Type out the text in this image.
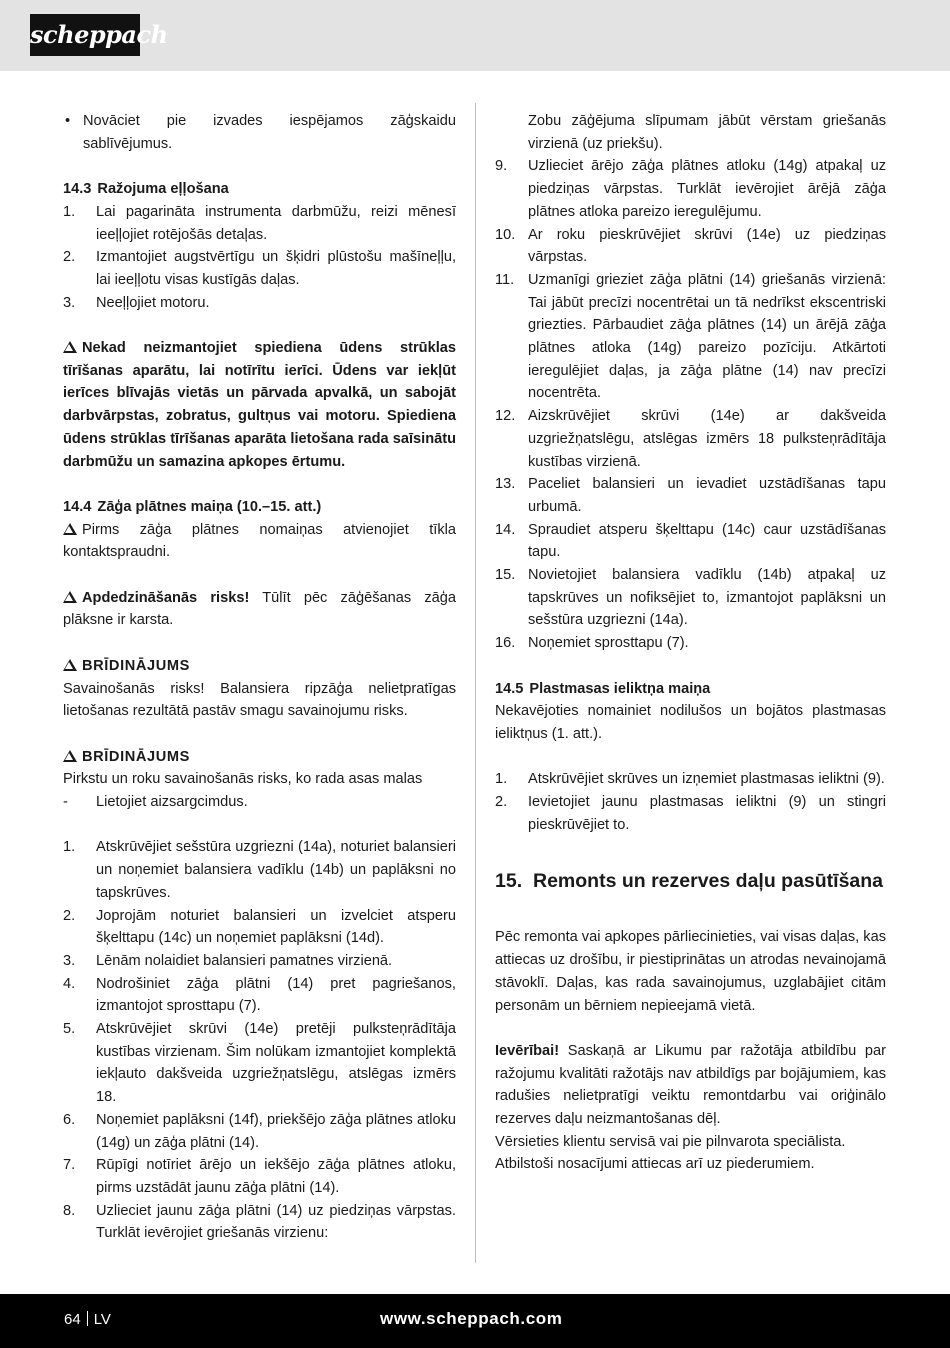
scheppach
• Novāciet pie izvades iespējamos zāģskaidu sablīvējumus.
14.3 Ražojuma eļļošana
1. Lai pagarināta instrumenta darbmūžu, reizi mēnesī ieeļļojiet rotējošās detaļas.
2. Izmantojiet augstvērtīgu un šķidri plūstošu mašīneļļu, lai ieeļļotu visas kustīgās daļas.
3. Neeļļojiet motoru.

Nekad neizmantojiet spiediena ūdens strūklas tīrīšanas aparātu, lai notīrītu ierīci. Ūdens var iekļūt ierīces blīvajās vietās un pārvada apvalkā, un sabojāt darbvārpstas, zobratus, gultņus vai motoru. Spiediena ūdens strūklas tīrīšanas aparāta lietošana rada saīsinātu darbmūžu un samazina apkopes ērtumu.

14.4 Zāģa plātnes maiņa (10.–15. att.)

Pirms zāģa plātnes nomaiņas atvienojiet tīkla kontaktspraudni.

Apdedzināšanās risks! Tūlīt pēc zāģēšanas zāģa plāksne ir karsta.

BRĪDINĀJUMS

Savainošanās risks! Balansiera ripzāģa nelietpratīgas lietošanas rezultātā pastāv smagu savainojumu risks.

BRĪDINĀJUMS

Pirkstu un roku savainošanās risks, ko rada asas malas

- Lietojiet aizsargcimdus.
1. Atskrūvējiet sešstūra uzgriezni (14a), noturiet balansieri un noņemiet balansiera vadīklu (14b) un paplāksni no tapskrūves.
2. Joprojām noturiet balansieri un izvelciet atsperu šķelttapu (14c) un noņemiet paplāksni (14d).
3. Lēnām nolaidiet balansieri pamatnes virzienā.
4. Nodrošiniet zāģa plātni (14) pret pagriešanos, izmantojot sprosttapu (7).
5. Atskrūvējiet skrūvi (14e) pretēji pulksteņrādītāja kustības virzienam. Šim nolūkam izmantojiet komplektā iekļauto dakšveida uzgriežņatslēgu, atslēgas izmērs 18.
6. Noņemiet paplāksni (14f), priekšējo zāģa plātnes atloku (14g) un zāģa plātni (14).
7. Rūpīgi notīriet ārējo un iekšējo zāģa plātnes atloku, pirms uzstādāt jaunu zāģa plātni (14).
8. Uzlieciet jaunu zāģa plātni (14) uz piedziņas vārpstas. Turklāt ievērojiet griešanās virzienu:
Zobu zāģējuma slīpumam jābūt vērstam griešanās virzienā (uz priekšu).
9. Uzlieciet ārējo zāģa plātnes atloku (14g) atpakaļ uz piedziņas vārpstas. Turklāt ievērojiet ārējā zāģa plātnes atloka pareizo ieregulējumu.
10. Ar roku pieskrūvējiet skrūvi (14e) uz piedziņas vārpstas.
11. Uzmanīgi grieziet zāģa plātni (14) griešanās virzienā: Tai jābūt precīzi nocentrētai un tā nedrīkst ekscentriski griezties. Pārbaudiet zāģa plātnes (14) un ārējā zāģa plātnes atloka (14g) pareizo pozīciju. Atkārtoti ieregulējiet daļas, ja zāģa plātne (14) nav precīzi nocentrēta.
12. Aizskrūvējiet skrūvi (14e) ar dakšveida uzgriežņatslēgu, atslēgas izmērs 18 pulksteņrādītāja kustības virzienā.
13. Paceliet balansieri un ievadiet uzstādīšanas tapu urbumā.
14. Spraudiet atsperu šķelttapu (14c) caur uzstādīšanas tapu.
15. Novietojiet balansiera vadīklu (14b) atpakaļ uz tapskrūves un nofiksējiet to, izmantojot paplāksni un sešstūra uzgriezni (14a).
16. Noņemiet sprosttapu (7).
14.5 Plastmasas ieliktņa maiņa

Nekavējoties nomainiet nodilušos un bojātos plastmasas ieliktņus (1. att.).

1. Atskrūvējiet skrūves un izņemiet plastmasas ieliktni (9).
2. Ievietojiet jaunu plastmasas ieliktni (9) un stingri pieskrūvējiet to.
15. Remonts un rezerves daļu pasūtīšana

Pēc remonta vai apkopes pārliecinieties, vai visas daļas, kas attiecas uz drošību, ir piestiprinātas un atrodas nevainojamā stāvoklī. Daļas, kas rada savainojumus, uzglabājiet citām personām un bērniem nepieejamā vietā.

Ievērībai! Saskaņā ar Likumu par ražotāja atbildību par ražojumu kvalitāti ražotājs nav atbildīgs par bojājumiem, kas radušies nelietpratīgi veiktu remontdarbu vai oriģinālo rezerves daļu neizmantošanas dēļ.

Vērsieties klientu servisā vai pie pilnvarota speciālista. Atbilstoši nosacījumi attiecas arī uz piederumiem.

64 LV	www.scheppach.com
